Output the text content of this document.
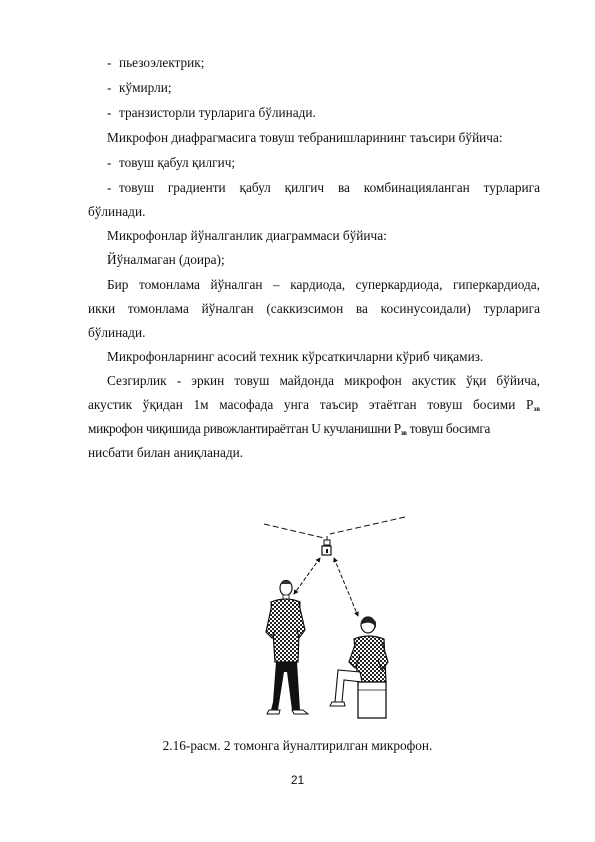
- пьезоэлектрик;
- кўмирли;
- транзисторли турларига бўлинади.
Микрофон диафрагмасига товуш тебранишларининг таъсири бўйича:
- товуш қабул қилгич;
- товуш градиенти қабул қилгич ва комбинацияланган турларига
бўлинади.
Микрофонлар йўналганлик диаграммаси бўйича:
Йўналмаган (доира);
Бир томонлама йўналган – кардиода, суперкардиода, гиперкардиода,
икки томонлама йўналган (саккизсимон ва косинусоидали) турларига
бўлинади.
Микрофонларнинг асосий техник кўрсаткичларни кўриб чиқамиз.
Сезгирлик - эркин товуш майдонда микрофон акустик ўқи бўйича,
акустик ўқидан 1м масофада унга таъсир этаётган товуш босими $P_{зв}$
микрофон чиқишида ривожлантираётган U кучланишни $P_{зв}$ товуш босимга
нисбати билан аниқланади.
2.16-расм. 2 томонга йуналтирилган микрофон.
21
